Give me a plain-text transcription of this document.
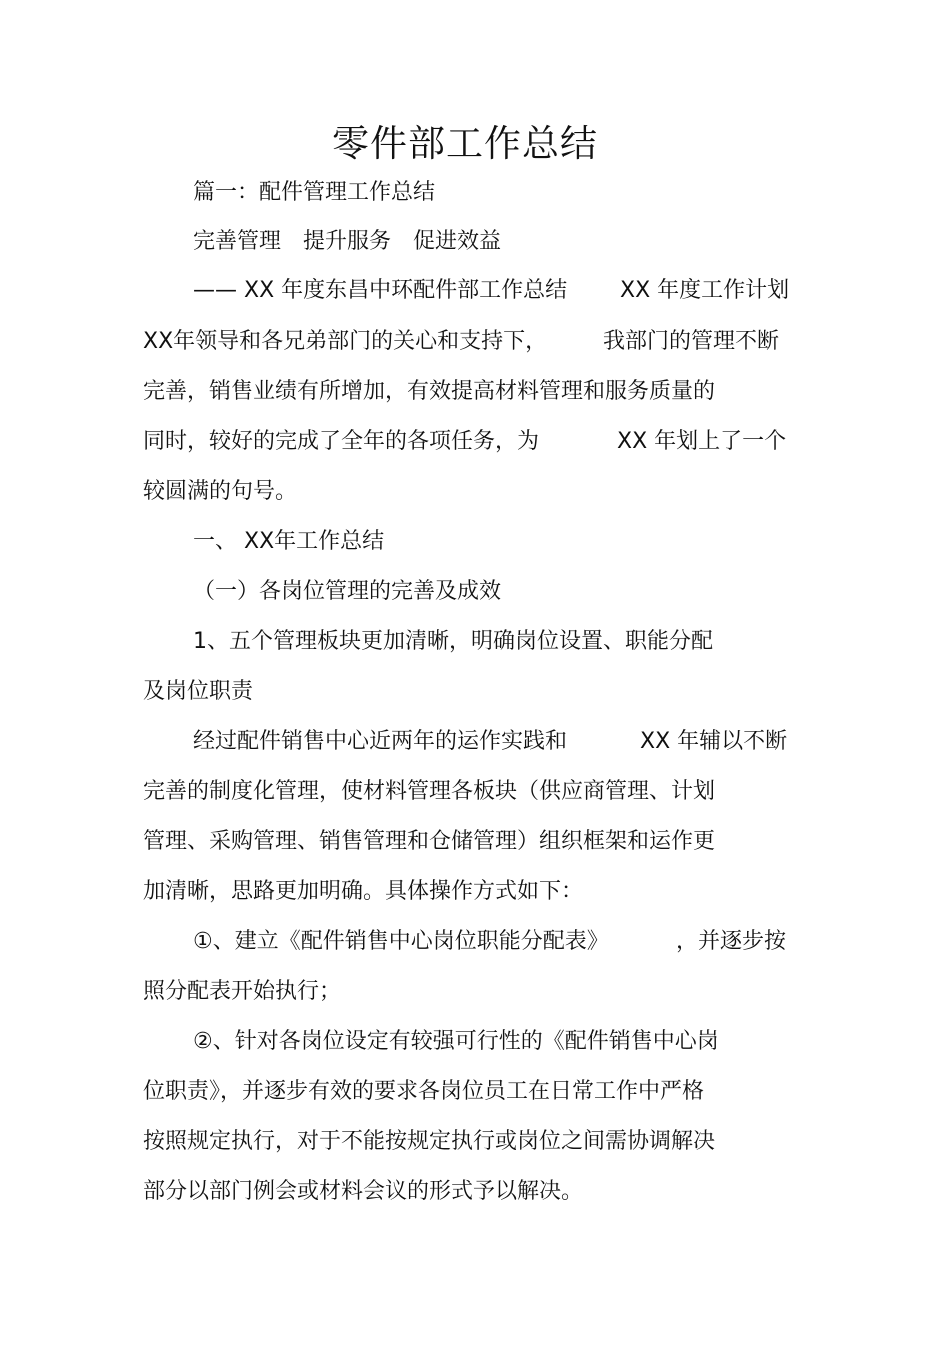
零件部工作总结
篇一：配件管理工作总结
完善管理　提升服务　促进效益
—— XX 年度东昌中环配件部工作总结 XX 年度工作计划
XX年领导和各兄弟部门的关心和支持下，	我部门的管理不断
完善，销售业绩有所增加，有效提高材料管理和服务质量的
同时，较好的完成了全年的各项任务，为	XX 年划上了一个
较圆满的句号。
一、 XX年工作总结
（一）各岗位管理的完善及成效
1、五个管理板块更加清晰，明确岗位设置、职能分配
及岗位职责
经过配件销售中心近两年的运作实践和	XX 年辅以不断
完善的制度化管理，使材料管理各板块（供应商管理、计划
管理、采购管理、销售管理和仓储管理）组织框架和运作更
加清晰，思路更加明确。具体操作方式如下：
①、建立《配件销售中心岗位职能分配表》	，并逐步按
照分配表开始执行；
②、针对各岗位设定有较强可行性的《配件销售中心岗
位职责》，并逐步有效的要求各岗位员工在日常工作中严格
按照规定执行，对于不能按规定执行或岗位之间需协调解决
部分以部门例会或材料会议的形式予以解决。
